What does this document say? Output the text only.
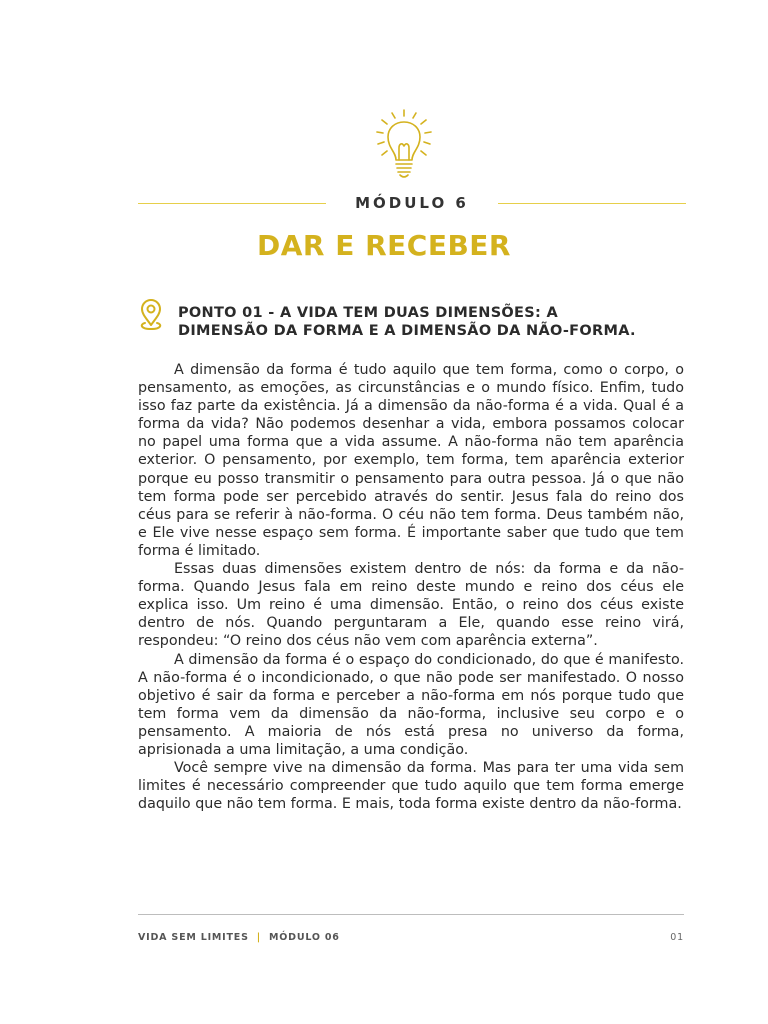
MÓDULO 6
DAR E RECEBER
PONTO 01 - A VIDA TEM DUAS DIMENSÕES: A
DIMENSÃO DA FORMA E A DIMENSÃO DA NÃO-FORMA.

A dimensão da forma é tudo aquilo que tem forma, como o corpo, o pensamento, as emoções, as circunstâncias e o mundo físico. Enfim, tudo isso faz parte da existência. Já a dimensão da não-forma é a vida. Qual é a forma da vida? Não podemos desenhar a vida, embora possamos colocar no papel uma forma que a vida assume. A não-forma não tem aparência exterior. O pensamento, por exemplo, tem forma, tem aparência exterior porque eu posso transmitir o pensamento para outra pessoa. Já o que não tem forma pode ser percebido através do sentir. Jesus fala do reino dos céus para se referir à não-forma. O céu não tem forma. Deus também não, e Ele vive nesse espaço sem forma. É importante saber que tudo que tem forma é limitado.

Essas duas dimensões existem dentro de nós: da forma e da não-forma. Quando Jesus fala em reino deste mundo e reino dos céus ele explica isso. Um reino é uma dimensão. Então, o reino dos céus existe dentro de nós. Quando perguntaram a Ele, quando esse reino virá, respondeu: “O reino dos céus não vem com aparência externa”.

A dimensão da forma é o espaço do condicionado, do que é manifesto. A não-forma é o incondicionado, o que não pode ser manifestado. O nosso objetivo é sair da forma e perceber a não-forma em nós porque tudo que tem forma vem da dimensão da não-forma, inclusive seu corpo e o pensamento. A maioria de nós está presa no universo da forma, aprisionada a uma limitação, a uma condição.

Você sempre vive na dimensão da forma. Mas para ter uma vida sem limites é necessário compreender que tudo aquilo que tem forma emerge daquilo que não tem forma. E mais, toda forma existe dentro da não-forma.

VIDA SEM LIMITES | MÓDULO 06	01
